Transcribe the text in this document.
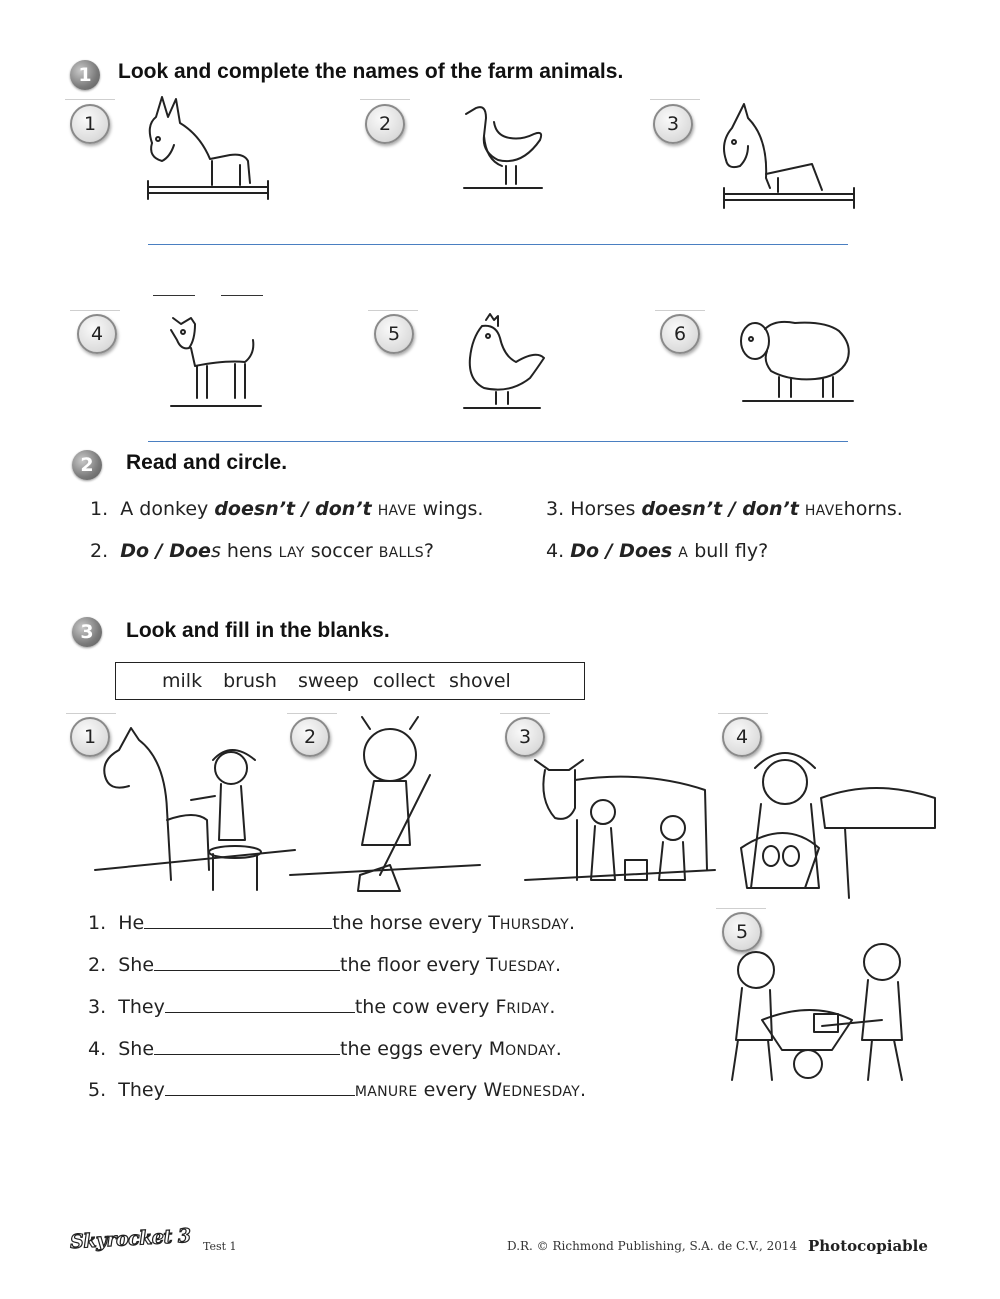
1	Look and complete the names of the farm animals.
1	2	3
4	5	6
2	Read and circle.
1. A donkey doesn’t / don’t HAVE wings.	3. Horses doesn’t / don’t HAVEhorns.
2. Do / Does hens LAY soccer BALLS?	4. Do / Does A bull fly?
3	Look and fill in the blanks.
milk brush sweep collect shovel
1	2	3	4
5
1. He	the horse every THURSDAY.
2. She	the floor every TUESDAY.
3. They	the cow every FRIDAY.
4. She	the eggs every MONDAY.
5. They	MANURE every WEDNESDAY.
Skyrocket 3 Test 1	D.R. © Richmond Publishing, S.A. de C.V., 2014 Photocopiable
